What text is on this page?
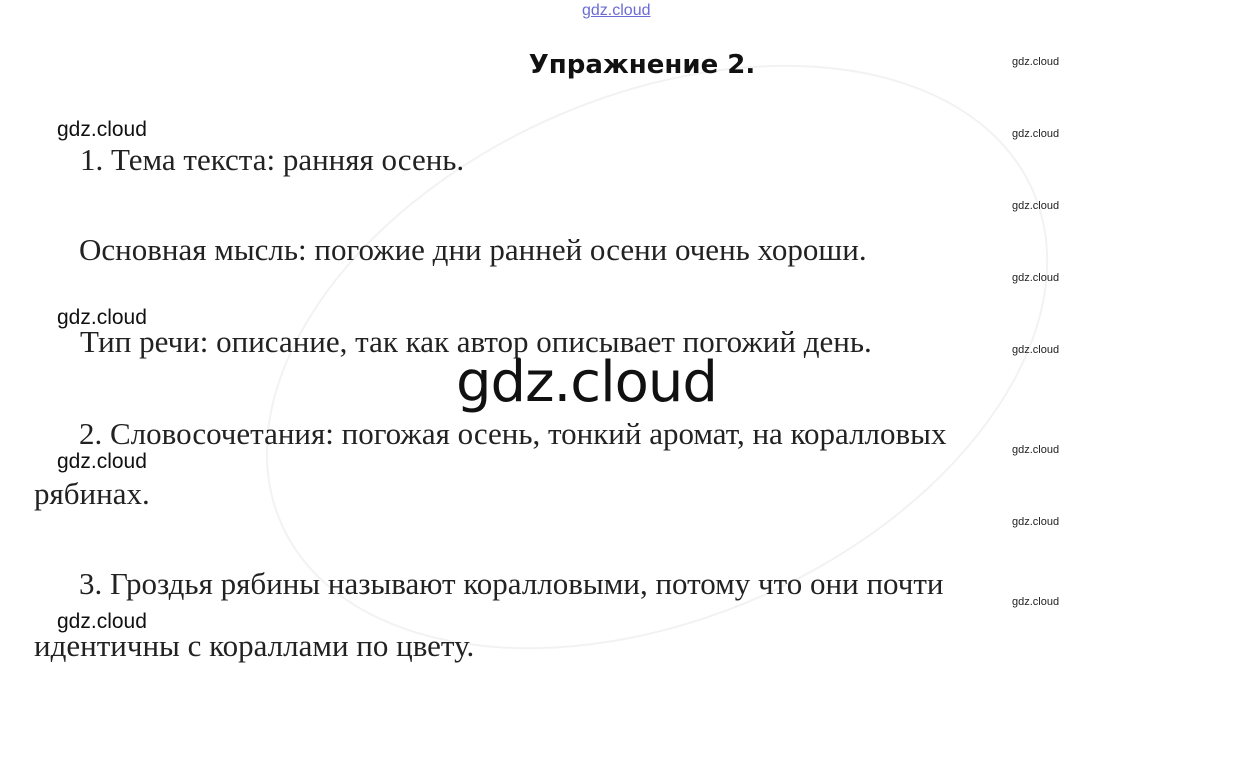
gdz.cloud
Упражнение 2.	gdz.cloud
gdz.cloud
gdz.cloud
gdz.cloud
gdz.cloud
gdz.cloud
gdz.cloud
gdz.cloud
gdz.cloud
gdz.cloud
gdz.cloud
gdz.cloud
1. Тема текста: ранняя осень.
Основная мысль: погожие дни ранней осени очень хороши.
Тип речи: описание, так как автор описывает погожий день.
2. Словосочетания: погожая осень, тонкий аромат, на коралловых
рябинах.
3. Гроздья рябины называют коралловыми, потому что они почти
идентичны с кораллами по цвету.
gdz.cloud
